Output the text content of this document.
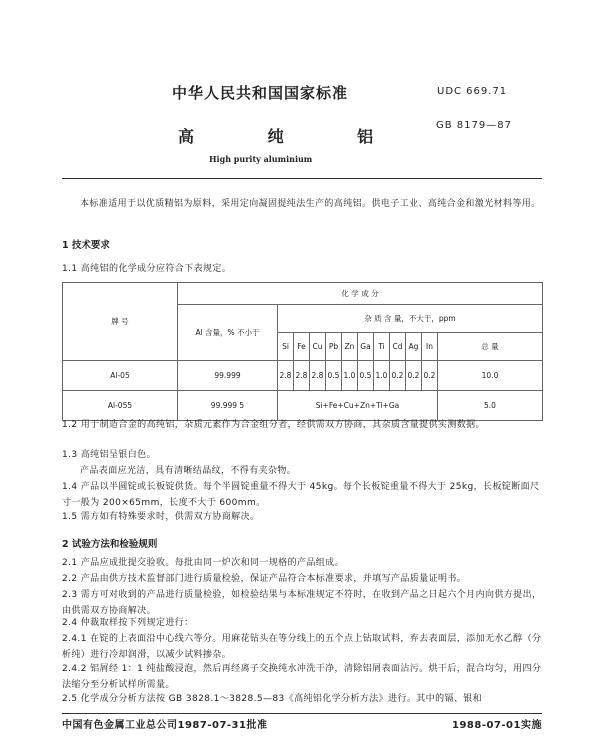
中华人民共和国国家标准	UDC 669.71
高 纯 铝
GB 8179—87
High purity aluminium

本标准适用于以优质精铝为原料，采用定向凝固提纯法生产的高纯铝。供电子工业、高纯合金和激光材料等用。

1 技术要求

1.1 高纯铝的化学成分应符合下表规定。

牌 号	化 学 成 分											
	Al 含量，% 不小于	杂 质 含 量，不大于，ppm										
		Si	Fe	Cu	Pb	Zn	Ga	Ti	Cd	Ag	In	总 量
Al-05	99.999	2.8	2.8	2.8	0.5	1.0	0.5	1.0	0.2	0.2	0.2	10.0
Al-055	99.999 5	Si+Fe+Cu+Zn+Ti+Ga										5.0

1.2 用于制造合金的高纯铝，杂质元素作为合金组分者，经供需双方协商，其杂质含量提供实测数据。

1.3 高纯铝呈银白色。

产品表面应光洁，具有清晰结晶纹，不得有夹杂物。

1.4 产品以半圆锭或长板锭供货。每个半圆锭重量不得大于 45kg。每个长板锭重量不得大于 25kg，长板锭断面尺寸一般为 200×65mm，长度不大于 600mm。

1.5 需方如有特殊要求时，供需双方协商解决。

2 试验方法和检验规则

2.1 产品应成批提交验收。每批由同一炉次和同一规格的产品组成。

2.2 产品由供方技术监督部门进行质量检验，保证产品符合本标准要求，并填写产品质量证明书。

2.3 需方可对收到的产品进行质量检验，如检验结果与本标准规定不符时，在收到产品之日起六个月内向供方提出，由供需双方协商解决。

2.4 仲裁取样按下列规定进行：

2.4.1 在锭的上表面沿中心线六等分。用麻花钻头在等分线上的五个点上钻取试料，弃去表面层，添加无水乙醇（分析纯）进行冷却润滑，以减少试料掺杂。

2.4.2 铝屑经 1：1 纯盐酸浸泡，然后再经离子交换纯水冲洗干净，清除铝屑表面沾污。烘干后，混合均匀，用四分法缩分至分析试样所需量。

2.5 化学成分分析方法按 GB 3828.1～3828.5—83《高纯铝化学分析方法》进行。其中的镉、银和

中国有色金属工业总公司1987-07-31批准	1988-07-01实施
